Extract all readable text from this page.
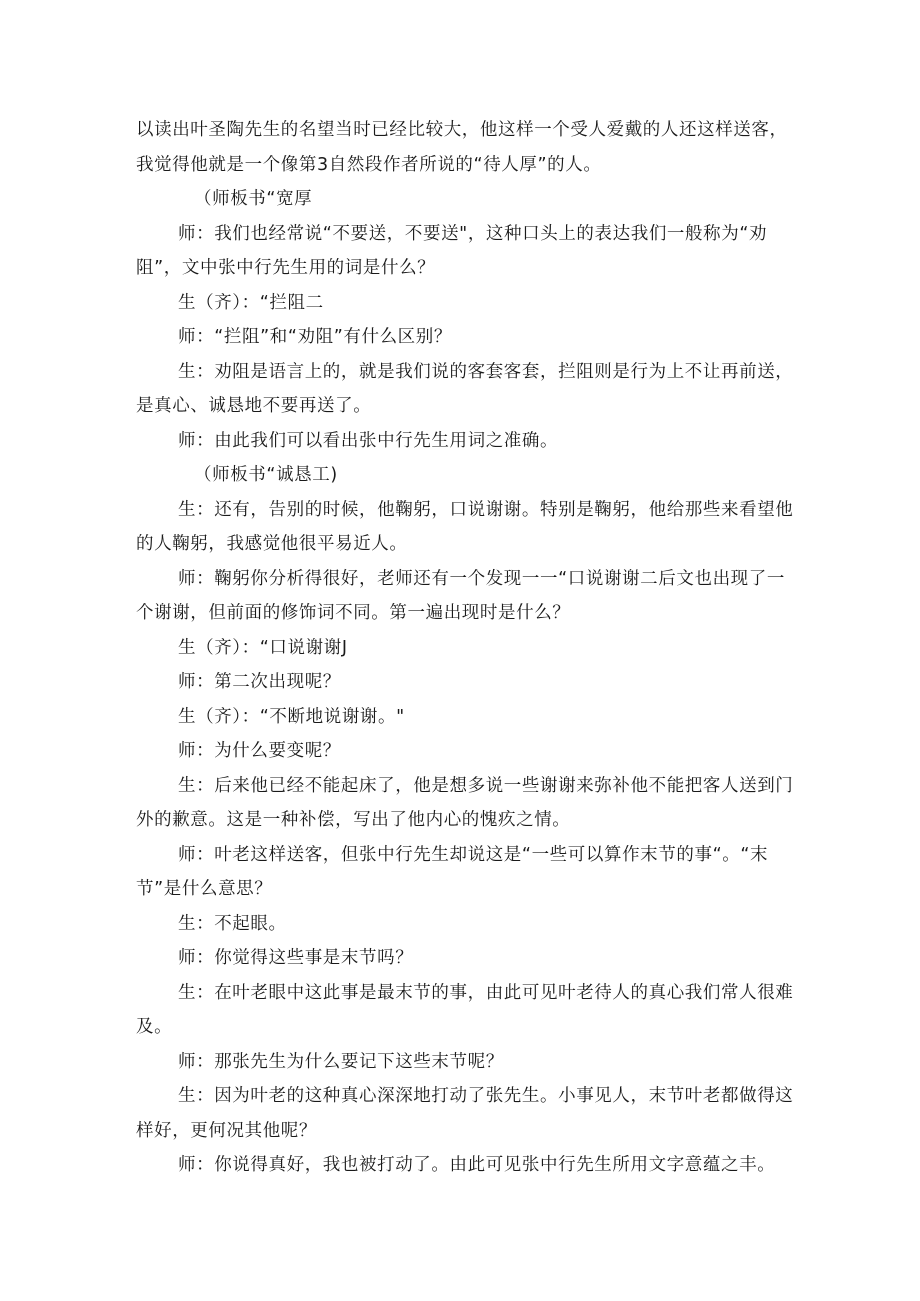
以读出叶圣陶先生的名望当时已经比较大，他这样一个受人爱戴的人还这样送客，我觉得他就是一个像第3自然段作者所说的“待人厚”的人。

（师板书“宽厚

师：我们也经常说“不要送，不要送"，这种口头上的表达我们一般称为“劝阻”，文中张中行先生用的词是什么？

生（齐）：“拦阻二

师：“拦阻”和“劝阻”有什么区别？

生：劝阻是语言上的，就是我们说的客套客套，拦阻则是行为上不让再前送，是真心、诚恳地不要再送了。

师：由此我们可以看出张中行先生用词之准确。

（师板书“诚恳工)

生：还有，告别的时候，他鞠躬，口说谢谢。特别是鞠躬，他给那些来看望他的人鞠躬，我感觉他很平易近人。

师：鞠躬你分析得很好，老师还有一个发现一一“口说谢谢二后文也出现了一个谢谢，但前面的修饰词不同。第一遍出现时是什么？

生（齐）：“口说谢谢J

师：第二次出现呢？

生（齐）：“不断地说谢谢。"

师：为什么要变呢？

生：后来他已经不能起床了，他是想多说一些谢谢来弥补他不能把客人送到门外的歉意。这是一种补偿，写出了他内心的愧疚之情。

师：叶老这样送客，但张中行先生却说这是“一些可以算作末节的事“。“末节”是什么意思？

生：不起眼。

师：你觉得这些事是末节吗？

生：在叶老眼中这此事是最末节的事，由此可见叶老待人的真心我们常人很难及。

师：那张先生为什么要记下这些末节呢？

生：因为叶老的这种真心深深地打动了张先生。小事见人，末节叶老都做得这样好，更何况其他呢？

师：你说得真好，我也被打动了。由此可见张中行先生所用文字意蕴之丰。
